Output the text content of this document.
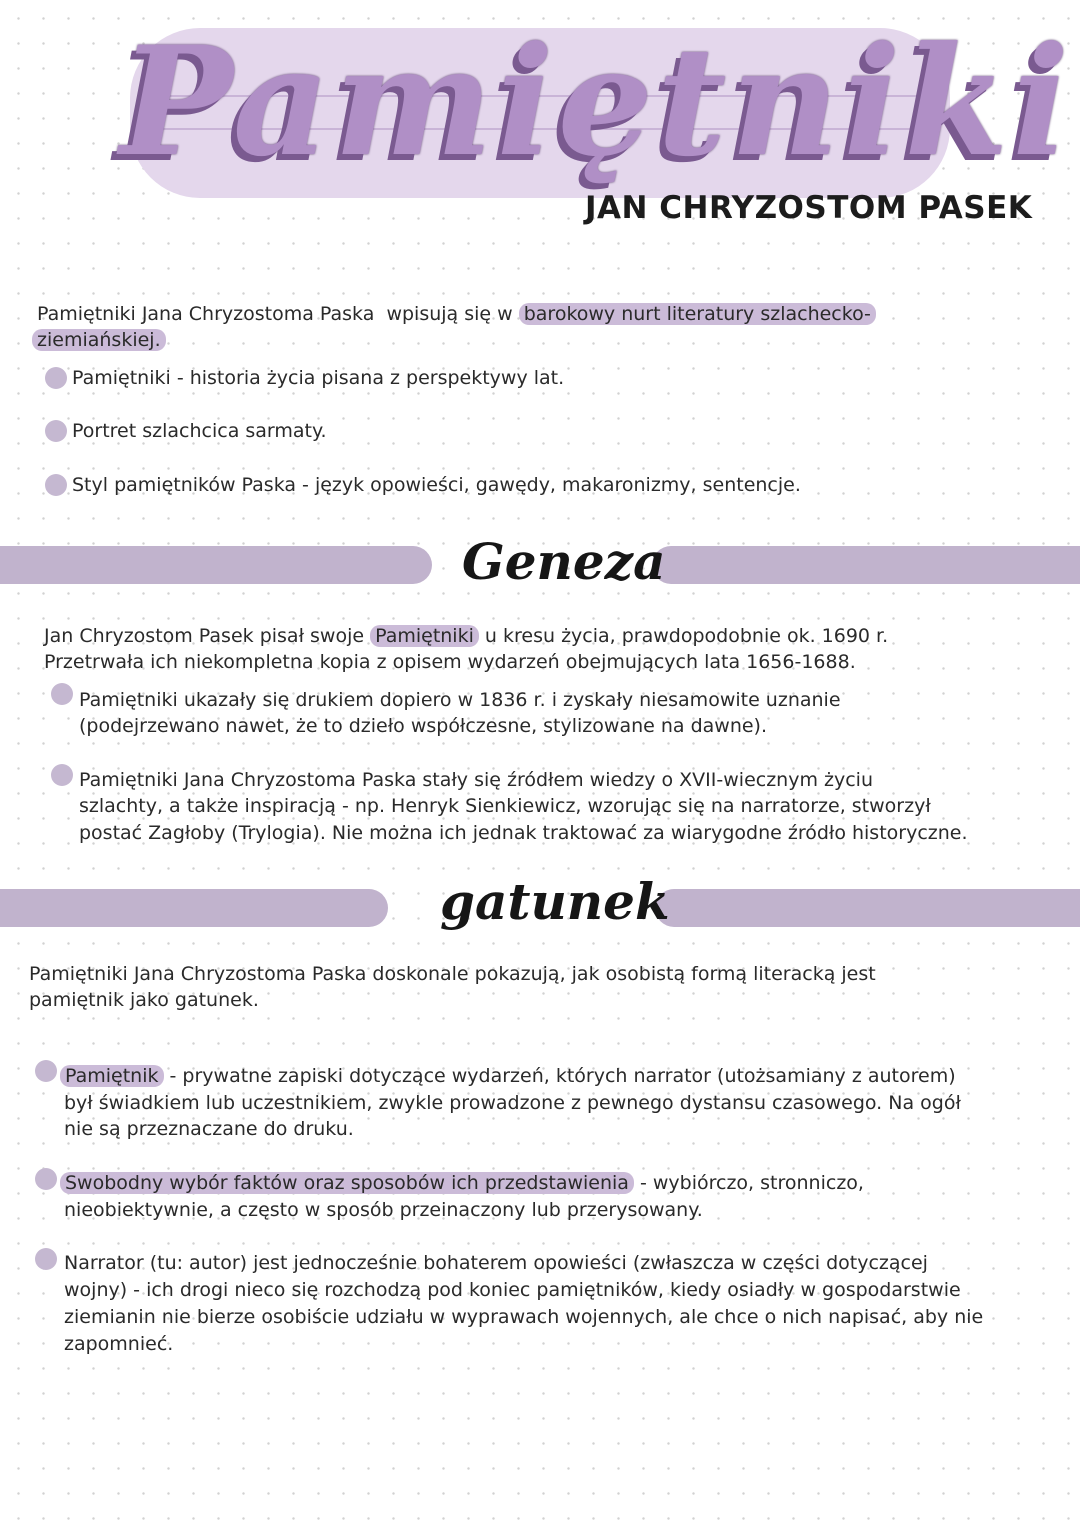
Pamiętniki
JAN CHRYZOSTOM PASEK
Pamiętniki Jana Chryzostoma Paska  wpisują się w barokowy nurt literatury szlachecko-
ziemiańskiej.
Pamiętniki - historia życia pisana z perspektywy lat.
Portret szlachcica sarmaty.
Styl pamiętników Paska - język opowieści, gawędy, makaronizmy, sentencje.
Geneza
Jan Chryzostom Pasek pisał swoje Pamiętniki u kresu życia, prawdopodobnie ok. 1690 r.
Przetrwała ich niekompletna kopia z opisem wydarzeń obejmujących lata 1656-1688.
Pamiętniki ukazały się drukiem dopiero w 1836 r. i zyskały niesamowite uznanie
(podejrzewano nawet, że to dzieło współczesne, stylizowane na dawne).
Pamiętniki Jana Chryzostoma Paska stały się źródłem wiedzy o XVII-wiecznym życiu
szlachty, a także inspiracją - np. Henryk Sienkiewicz, wzorując się na narratorze, stworzył
postać Zagłoby (Trylogia). Nie można ich jednak traktować za wiarygodne źródło historyczne.
gatunek
Pamiętniki Jana Chryzostoma Paska doskonale pokazują, jak osobistą formą literacką jest
pamiętnik jako gatunek.
Pamiętnik - prywatne zapiski dotyczące wydarzeń, których narrator (utożsamiany z autorem)
był świadkiem lub uczestnikiem, zwykle prowadzone z pewnego dystansu czasowego. Na ogół
nie są przeznaczane do druku.
Swobodny wybór faktów oraz sposobów ich przedstawienia - wybiórczo, stronniczo,
nieobiektywnie, a często w sposób przeinaczony lub przerysowany.
Narrator (tu: autor) jest jednocześnie bohaterem opowieści (zwłaszcza w części dotyczącej
wojny) - ich drogi nieco się rozchodzą pod koniec pamiętników, kiedy osiadły w gospodarstwie
ziemianin nie bierze osobiście udziału w wyprawach wojennych, ale chce o nich napisać, aby nie
zapomnieć.
